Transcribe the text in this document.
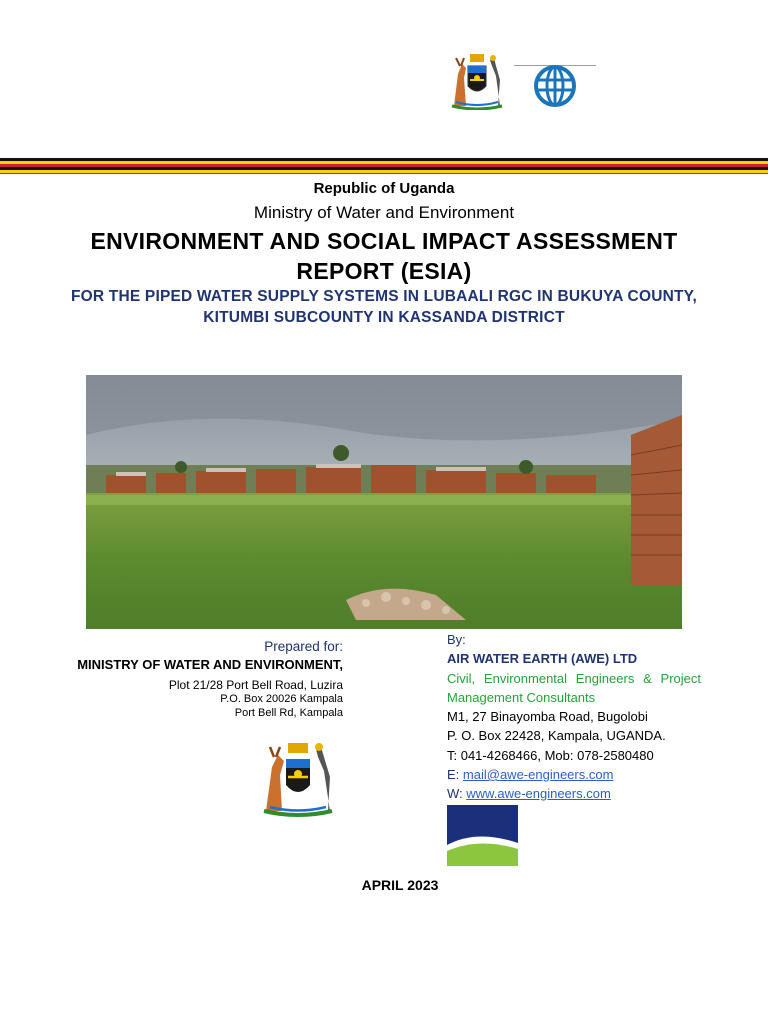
Republic of Uganda
Ministry of Water and Environment
ENVIRONMENT AND SOCIAL IMPACT ASSESSMENT
REPORT (ESIA)
FOR THE PIPED WATER SUPPLY SYSTEMS IN LUBAALI RGC IN BUKUYA COUNTY,
KITUMBI SUBCOUNTY IN KASSANDA DISTRICT
Prepared for:
MINISTRY OF WATER AND ENVIRONMENT,
Plot 21/28 Port Bell Road, Luzira
P.O. Box 20026 Kampala
Port Bell Rd, Kampala
By:
AIR WATER EARTH (AWE) LTD
Civil, Environmental Engineers & Project
Management Consultants
M1, 27 Binayomba Road, Bugolobi
P. O. Box 22428, Kampala, UGANDA.
T: 041-4268466, Mob: 078-2580480
E: mail@awe-engineers.com
W: www.awe-engineers.com
APRIL 2023
